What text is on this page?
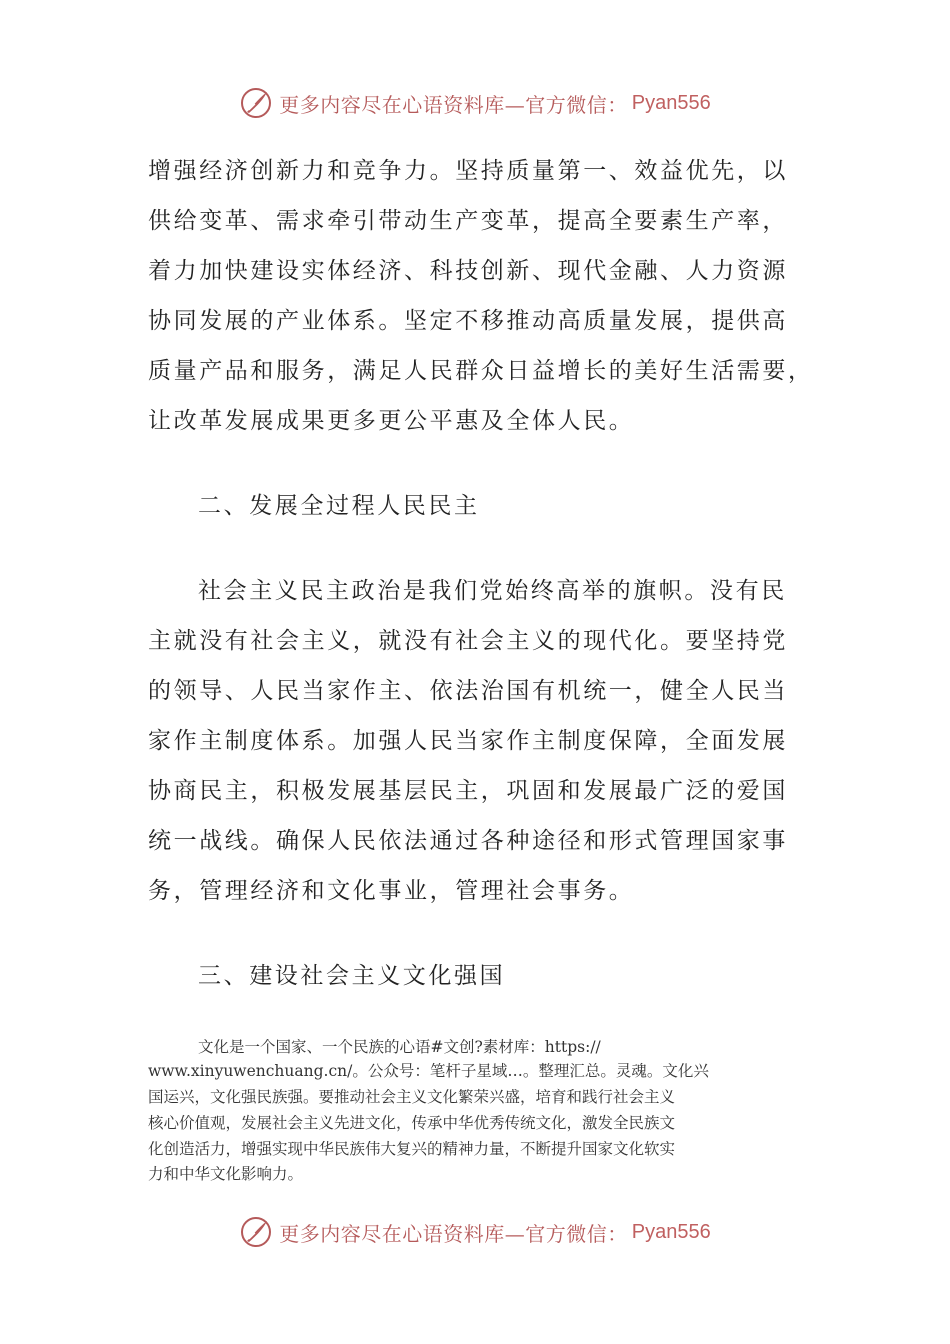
更多内容尽在心语资料库—官方微信： Pyan556
增强经济创新力和竞争力。坚持质量第一、效益优先，以
供给变革、需求牵引带动生产变革，提高全要素生产率，
着力加快建设实体经济、科技创新、现代金融、人力资源
协同发展的产业体系。坚定不移推动高质量发展，提供高
质量产品和服务，满足人民群众日益增长的美好生活需要，
让改革发展成果更多更公平惠及全体人民。
二、发展全过程人民民主
社会主义民主政治是我们党始终高举的旗帜。没有民
主就没有社会主义，就没有社会主义的现代化。要坚持党
的领导、人民当家作主、依法治国有机统一，健全人民当
家作主制度体系。加强人民当家作主制度保障，全面发展
协商民主，积极发展基层民主，巩固和发展最广泛的爱国
统一战线。确保人民依法通过各种途径和形式管理国家事
务，管理经济和文化事业，管理社会事务。
三、建设社会主义文化强国
文化是一个国家、一个民族的心语#文创?素材库：https://
www.xinyuwenchuang.cn/。公众号：笔杆子星域…。整理汇总。灵魂。文化兴
国运兴，文化强民族强。要推动社会主义文化繁荣兴盛，培育和践行社会主义
核心价值观，发展社会主义先进文化，传承中华优秀传统文化，激发全民族文
化创造活力，增强实现中华民族伟大复兴的精神力量，不断提升国家文化软实
力和中华文化影响力。
更多内容尽在心语资料库—官方微信： Pyan556
